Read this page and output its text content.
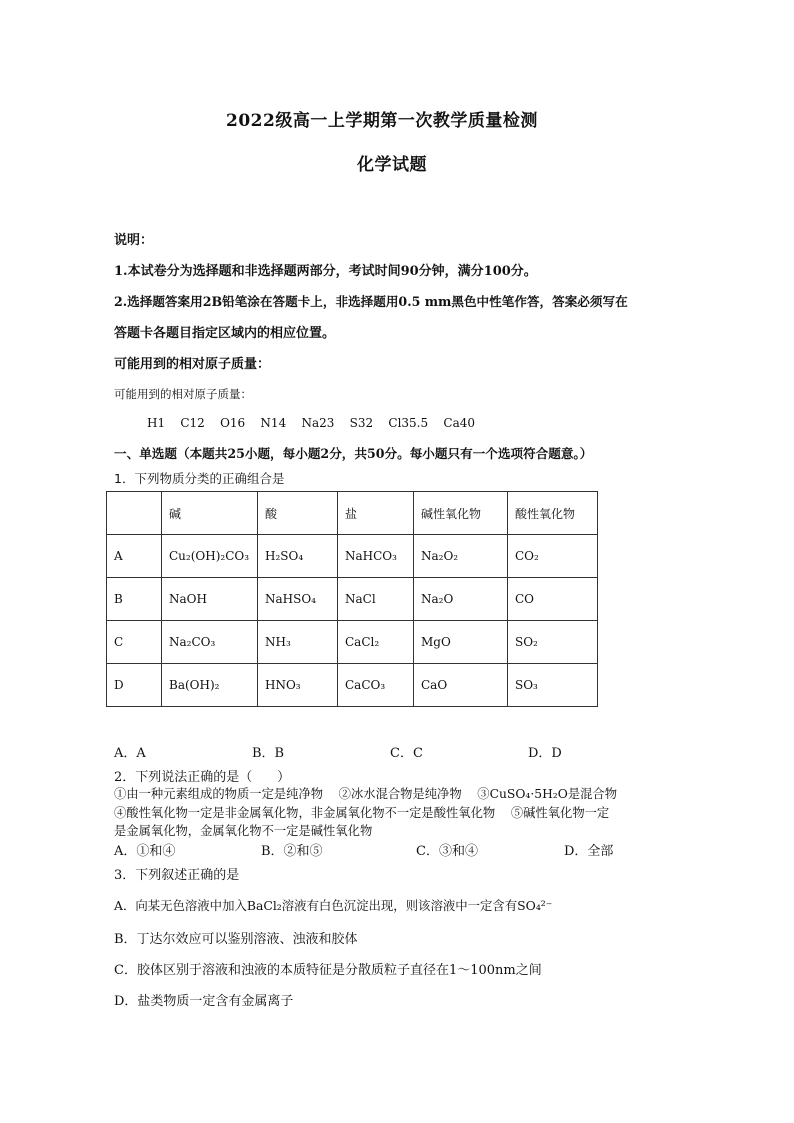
2022级高一上学期第一次教学质量检测
化学试题
说明：
1.本试卷分为选择题和非选择题两部分，考试时间90分钟，满分100分。
2.选择题答案用2B铅笔涂在答题卡上，非选择题用0.5 mm黑色中性笔作答，答案必须写在
答题卡各题目指定区域内的相应位置。
可能用到的相对原子质量：
可能用到的相对原子质量：
H1    C12    O16    N14    Na23    S32    Cl35.5    Ca40
一、单选题（本题共25小题，每小题2分，共50分。每小题只有一个选项符合题意。）
1．下列物质分类的正确组合是
	碱	酸	盐	碱性氧化物	酸性氧化物
A	Cu₂(OH)₂CO₃	H₂SO₄	NaHCO₃	Na₂O₂	CO₂
B	NaOH	NaHSO₄	NaCl	Na₂O	CO
C	Na₂CO₃	NH₃	CaCl₂	MgO	SO₂
D	Ba(OH)₂	HNO₃	CaCO₃	CaO	SO₃
A．A	B．B	C．C	D．D
2．下列说法正确的是（      ）
①由一种元素组成的物质一定是纯净物    ②冰水混合物是纯净物    ③CuSO₄·5H₂O是混合物
④酸性氧化物一定是非金属氧化物，非金属氧化物不一定是酸性氧化物    ⑤碱性氧化物一定
是金属氧化物，金属氧化物不一定是碱性氧化物
A．①和④	B．②和⑤	C．③和④	D．全部
3．下列叙述正确的是
A．向某无色溶液中加入BaCl₂溶液有白色沉淀出现，则该溶液中一定含有SO₄²⁻
B．丁达尔效应可以鉴别溶液、浊液和胶体
C．胶体区别于溶液和浊液的本质特征是分散质粒子直径在1～100nm之间
D．盐类物质一定含有金属离子
